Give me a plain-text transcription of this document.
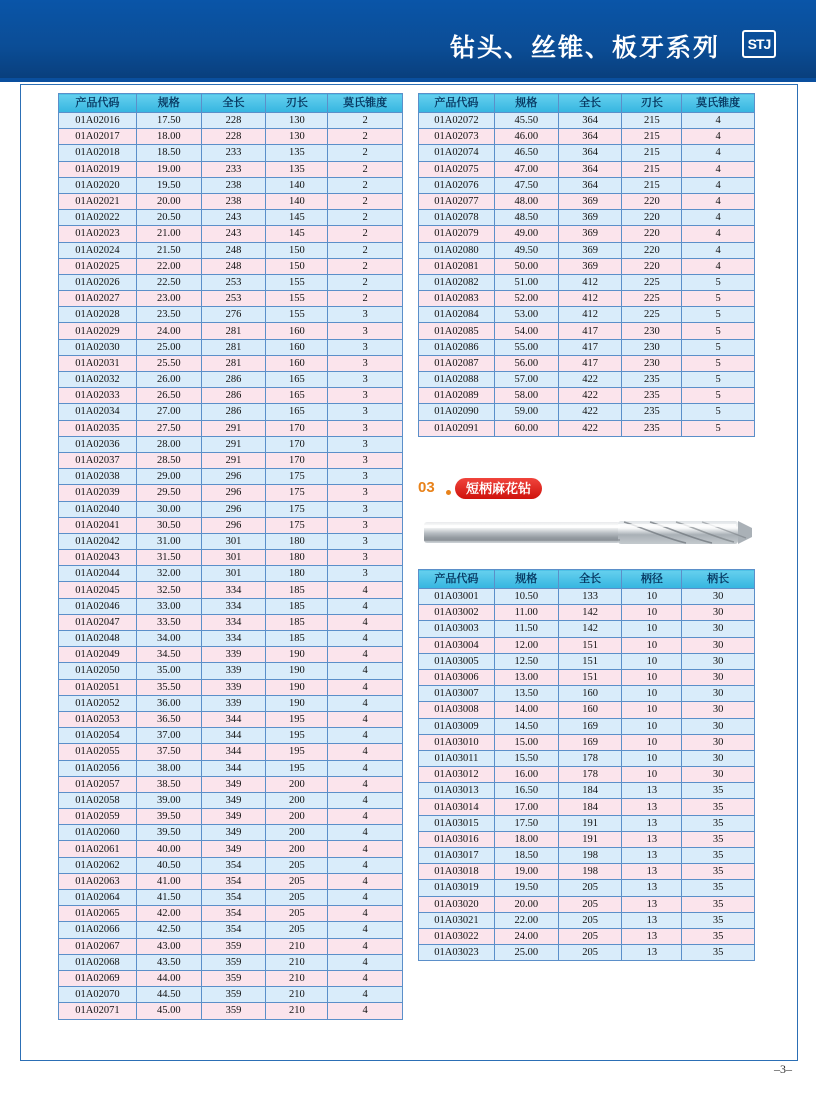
钻头、丝锥、板牙系列	STJ
产品代码	规格	全长	刃长	莫氏锥度
01A02016	17.50	228	130	2
01A02017	18.00	228	130	2
01A02018	18.50	233	135	2
01A02019	19.00	233	135	2
01A02020	19.50	238	140	2
01A02021	20.00	238	140	2
01A02022	20.50	243	145	2
01A02023	21.00	243	145	2
01A02024	21.50	248	150	2
01A02025	22.00	248	150	2
01A02026	22.50	253	155	2
01A02027	23.00	253	155	2
01A02028	23.50	276	155	3
01A02029	24.00	281	160	3
01A02030	25.00	281	160	3
01A02031	25.50	281	160	3
01A02032	26.00	286	165	3
01A02033	26.50	286	165	3
01A02034	27.00	286	165	3
01A02035	27.50	291	170	3
01A02036	28.00	291	170	3
01A02037	28.50	291	170	3
01A02038	29.00	296	175	3
01A02039	29.50	296	175	3
01A02040	30.00	296	175	3
01A02041	30.50	296	175	3
01A02042	31.00	301	180	3
01A02043	31.50	301	180	3
01A02044	32.00	301	180	3
01A02045	32.50	334	185	4
01A02046	33.00	334	185	4
01A02047	33.50	334	185	4
01A02048	34.00	334	185	4
01A02049	34.50	339	190	4
01A02050	35.00	339	190	4
01A02051	35.50	339	190	4
01A02052	36.00	339	190	4
01A02053	36.50	344	195	4
01A02054	37.00	344	195	4
01A02055	37.50	344	195	4
01A02056	38.00	344	195	4
01A02057	38.50	349	200	4
01A02058	39.00	349	200	4
01A02059	39.50	349	200	4
01A02060	39.50	349	200	4
01A02061	40.00	349	200	4
01A02062	40.50	354	205	4
01A02063	41.00	354	205	4
01A02064	41.50	354	205	4
01A02065	42.00	354	205	4
01A02066	42.50	354	205	4
01A02067	43.00	359	210	4
01A02068	43.50	359	210	4
01A02069	44.00	359	210	4
01A02070	44.50	359	210	4
01A02071	45.00	359	210	4
产品代码	规格	全长	刃长	莫氏锥度
01A02072	45.50	364	215	4
01A02073	46.00	364	215	4
01A02074	46.50	364	215	4
01A02075	47.00	364	215	4
01A02076	47.50	364	215	4
01A02077	48.00	369	220	4
01A02078	48.50	369	220	4
01A02079	49.00	369	220	4
01A02080	49.50	369	220	4
01A02081	50.00	369	220	4
01A02082	51.00	412	225	5
01A02083	52.00	412	225	5
01A02084	53.00	412	225	5
01A02085	54.00	417	230	5
01A02086	55.00	417	230	5
01A02087	56.00	417	230	5
01A02088	57.00	422	235	5
01A02089	58.00	422	235	5
01A02090	59.00	422	235	5
01A02091	60.00	422	235	5
03	短柄麻花钻
产品代码	规格	全长	柄径	柄长
01A03001	10.50	133	10	30
01A03002	11.00	142	10	30
01A03003	11.50	142	10	30
01A03004	12.00	151	10	30
01A03005	12.50	151	10	30
01A03006	13.00	151	10	30
01A03007	13.50	160	10	30
01A03008	14.00	160	10	30
01A03009	14.50	169	10	30
01A03010	15.00	169	10	30
01A03011	15.50	178	10	30
01A03012	16.00	178	10	30
01A03013	16.50	184	13	35
01A03014	17.00	184	13	35
01A03015	17.50	191	13	35
01A03016	18.00	191	13	35
01A03017	18.50	198	13	35
01A03018	19.00	198	13	35
01A03019	19.50	205	13	35
01A03020	20.00	205	13	35
01A03021	22.00	205	13	35
01A03022	24.00	205	13	35
01A03023	25.00	205	13	35
–3–
